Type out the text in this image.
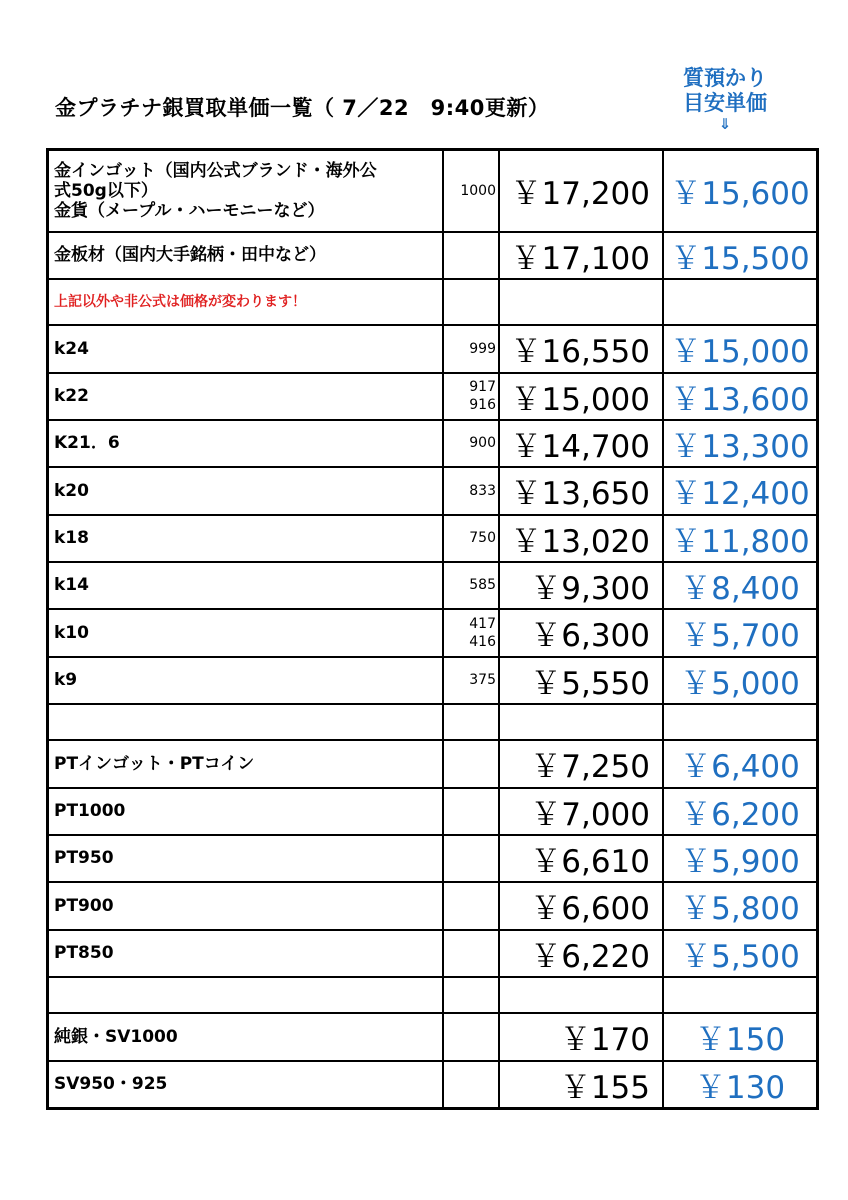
金プラチナ銀買取単価一覧（ 7／22　9:40更新）
質預かり
目安単価
⇓
金インゴット（国内公式ブランド・海外公
式50g以下）
金貨（メープル・ハーモニーなど）	1000	￥17,200	￥15,600

金板材（国内大手銘柄・田中など）		￥17,100	￥15,500

上記以外や非公式は価格が変わります！			

k24	999	￥16,550	￥15,000

k22	917
916	￥15,000	￥13,600

K21．6	900	￥14,700	￥13,300

k20	833	￥13,650	￥12,400

k18	750	￥13,020	￥11,800

k14	585	￥9,300	￥8,400

k10	417
416	￥6,300	￥5,700

k9	375	￥5,550	￥5,000

PTインゴット・PTコイン		￥7,250	￥6,400

PT1000		￥7,000	￥6,200

PT950		￥6,610	￥5,900

PT900		￥6,600	￥5,800

PT850		￥6,220	￥5,500

純銀・SV1000		￥170	￥150

SV950・925		￥155	￥130
